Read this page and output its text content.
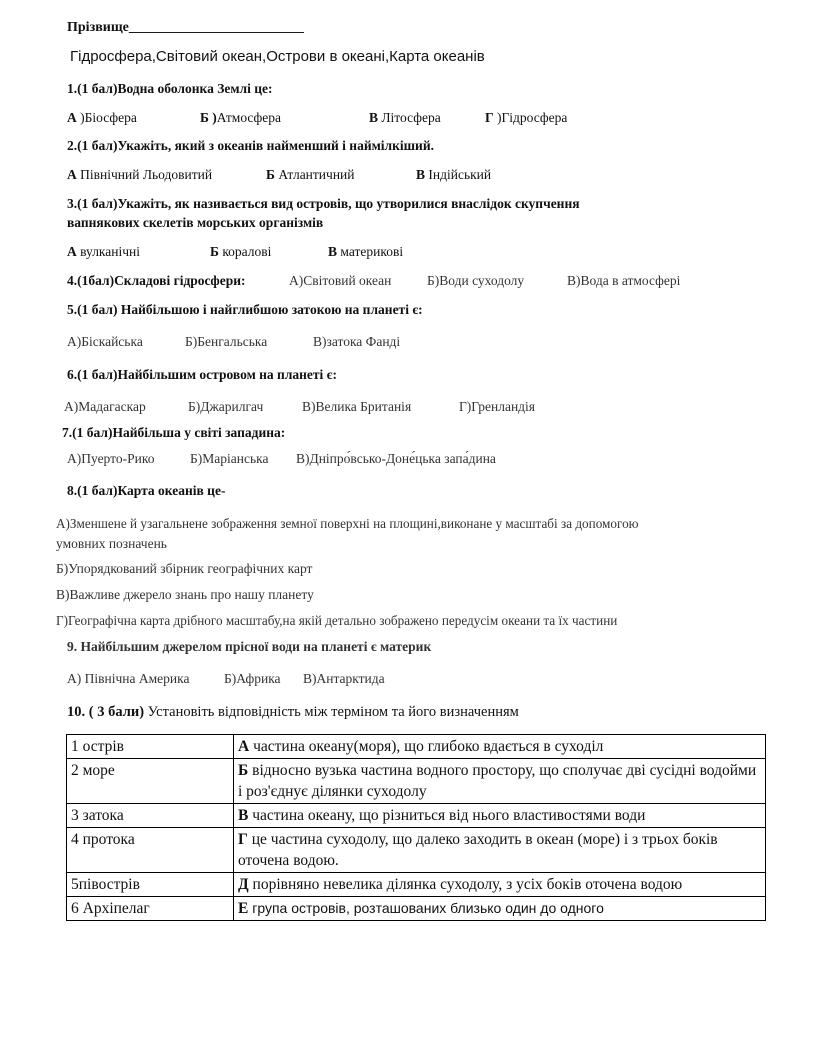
Прізвище_________________________
Гідросфера,Світовий океан,Острови в океані,Карта океанів
1.(1 бал)Водна оболонка Землі це:
А )Біосфера	Б )Атмосфера	В Літосфера	Г )Гідросфера
2.(1 бал)Укажіть, який з океанів найменший і наймілкіший.
А Північний Льодовитий	Б Атлантичний	В Індійський
3.(1 бал)Укажіть, як називається вид островів, що утворилися внаслідок скупчення
вапнякових скелетів морських організмів
А вулканічні	Б коралові	В материкові
4.(1бал)Складові гідросфери:	А)Світовий океан	Б)Води суходолу	В)Вода в атмосфері
5.(1 бал) Найбільшою і найглибшою затокою на планеті є:
А)Біскайська	Б)Бенгальська	В)затока Фанді
6.(1 бал)Найбільшим островом на планеті є:
А)Мадагаскар	Б)Джарилгач	В)Велика Британія	Г)Гренландія
7.(1 бал)Найбільша у світі западина:
А)Пуерто-Рико	Б)Маріанська В)Дніпро́всько-Доне́цька запа́дина
8.(1 бал)Карта океанів це-
А)Зменшене й узагальнене зображення земної поверхні на площині,виконане у масштабі за допомогою
умовних позначень
Б)Упорядкований збірник географічних карт
В)Важливе джерело знань про нашу планету
Г)Географічна карта дрібного масштабу,на якій детально зображено передусім океани та їх частини
9. Найбільшим джерелом прісної води на планеті є материк
А) Північна Америка	Б)Африка В)Антарктида
10. ( 3 бали) Установіть відповідність між терміном та його визначенням
1 острів	А частина океану(моря), що глибоко вдається в суходіл
2 море	Б відносно вузька частина водного простору, що сполучає дві сусідні водойми і роз'єднує ділянки суходолу
3 затока	В частина океану, що різниться від нього властивостями води
4 протока	Г це частина суходолу, що далеко заходить в океан (море) і з трьох боків оточена водою.
5півострів	Д порівняно невелика ділянка суходолу, з усіх боків оточена водою
6 Архіпелаг	Е група островів, розташованих близько один до одного
